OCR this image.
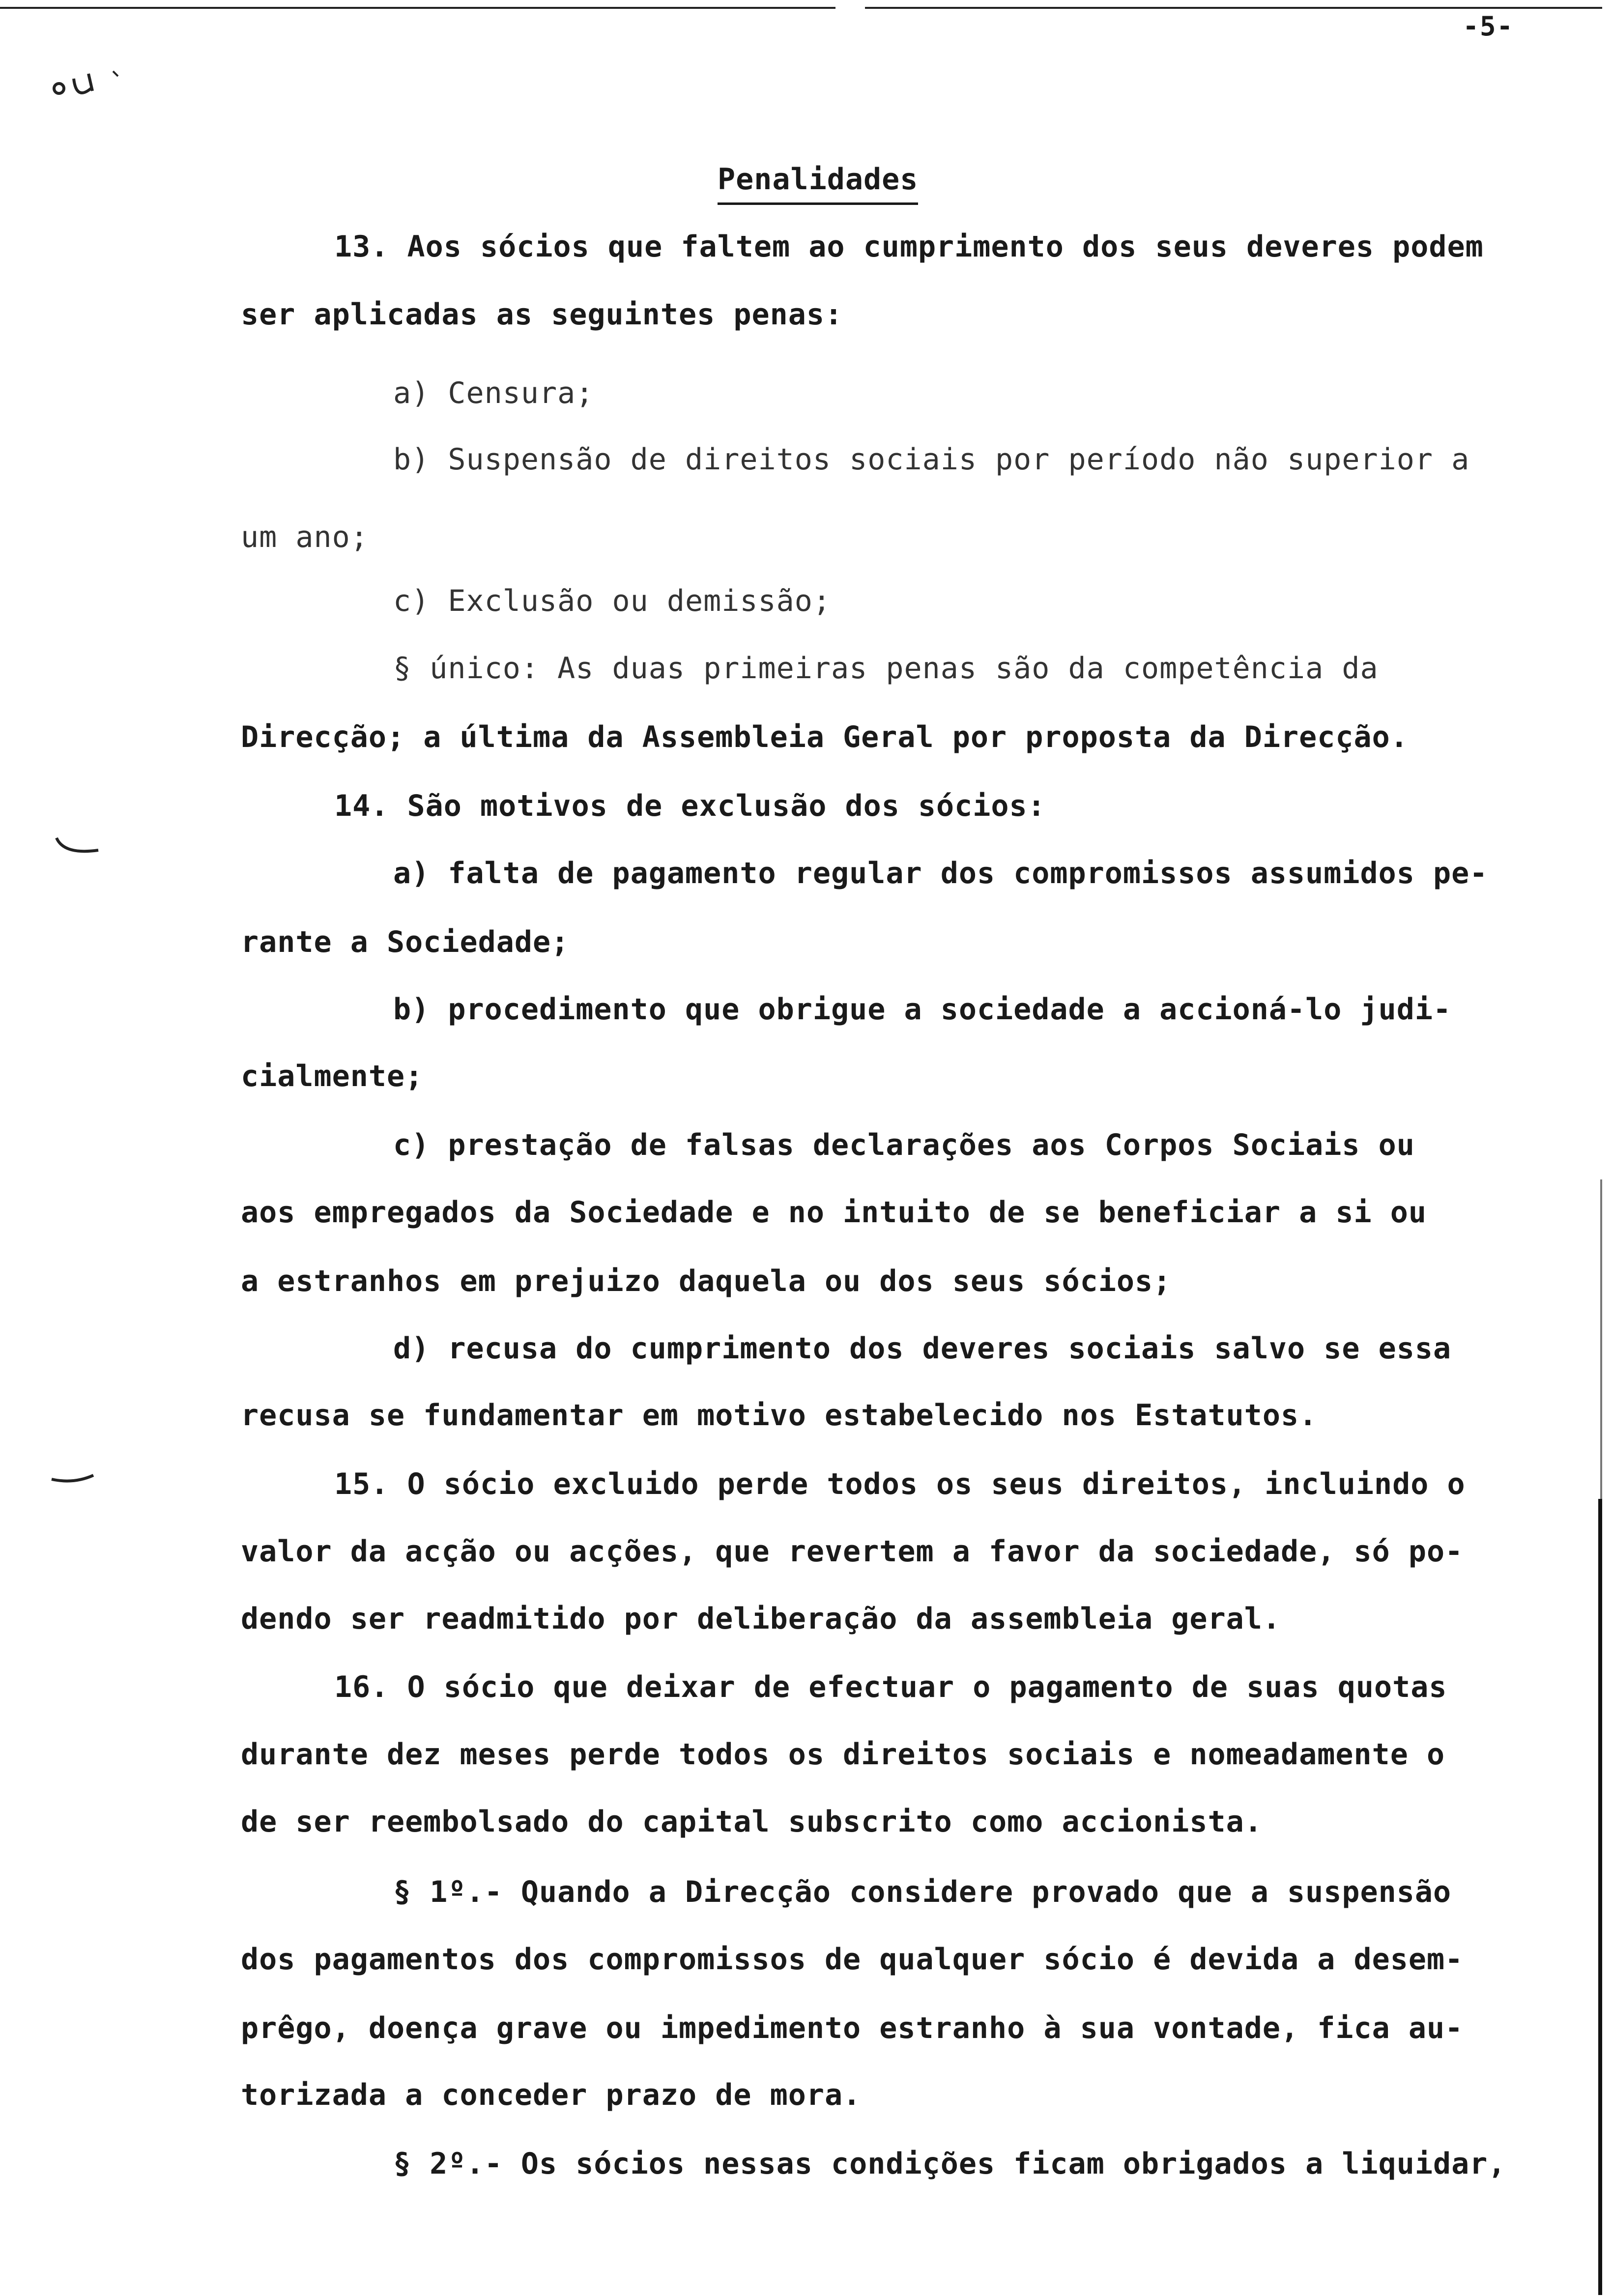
-5-
Penalidades
13. Aos sócios que faltem ao cumprimento dos seus deveres podem
ser aplicadas as seguintes penas:
a) Censura;
b) Suspensão de direitos sociais por período não superior a
um ano;
c) Exclusão ou demissão;
§ único: As duas primeiras penas são da competência da
Direcção; a última da Assembleia Geral por proposta da Direcção.
14. São motivos de exclusão dos sócios:
a) falta de pagamento regular dos compromissos assumidos pe-
rante a Sociedade;
b) procedimento que obrigue a sociedade a accioná-lo judi-
cialmente;
c) prestação de falsas declarações aos Corpos Sociais ou
aos empregados da Sociedade e no intuito de se beneficiar a si ou
a estranhos em prejuizo daquela ou dos seus sócios;
d) recusa do cumprimento dos deveres sociais salvo se essa
recusa se fundamentar em motivo estabelecido nos Estatutos.
15. O sócio excluido perde todos os seus direitos, incluindo o
valor da acção ou acções, que revertem a favor da sociedade, só po-
dendo ser readmitido por deliberação da assembleia geral.
16. O sócio que deixar de efectuar o pagamento de suas quotas
durante dez meses perde todos os direitos sociais e nomeadamente o
de ser reembolsado do capital subscrito como accionista.
§ 1º.- Quando a Direcção considere provado que a suspensão
dos pagamentos dos compromissos de qualquer sócio é devida a desem-
prêgo, doença grave ou impedimento estranho à sua vontade, fica au-
torizada a conceder prazo de mora.
§ 2º.- Os sócios nessas condições ficam obrigados a liquidar,
